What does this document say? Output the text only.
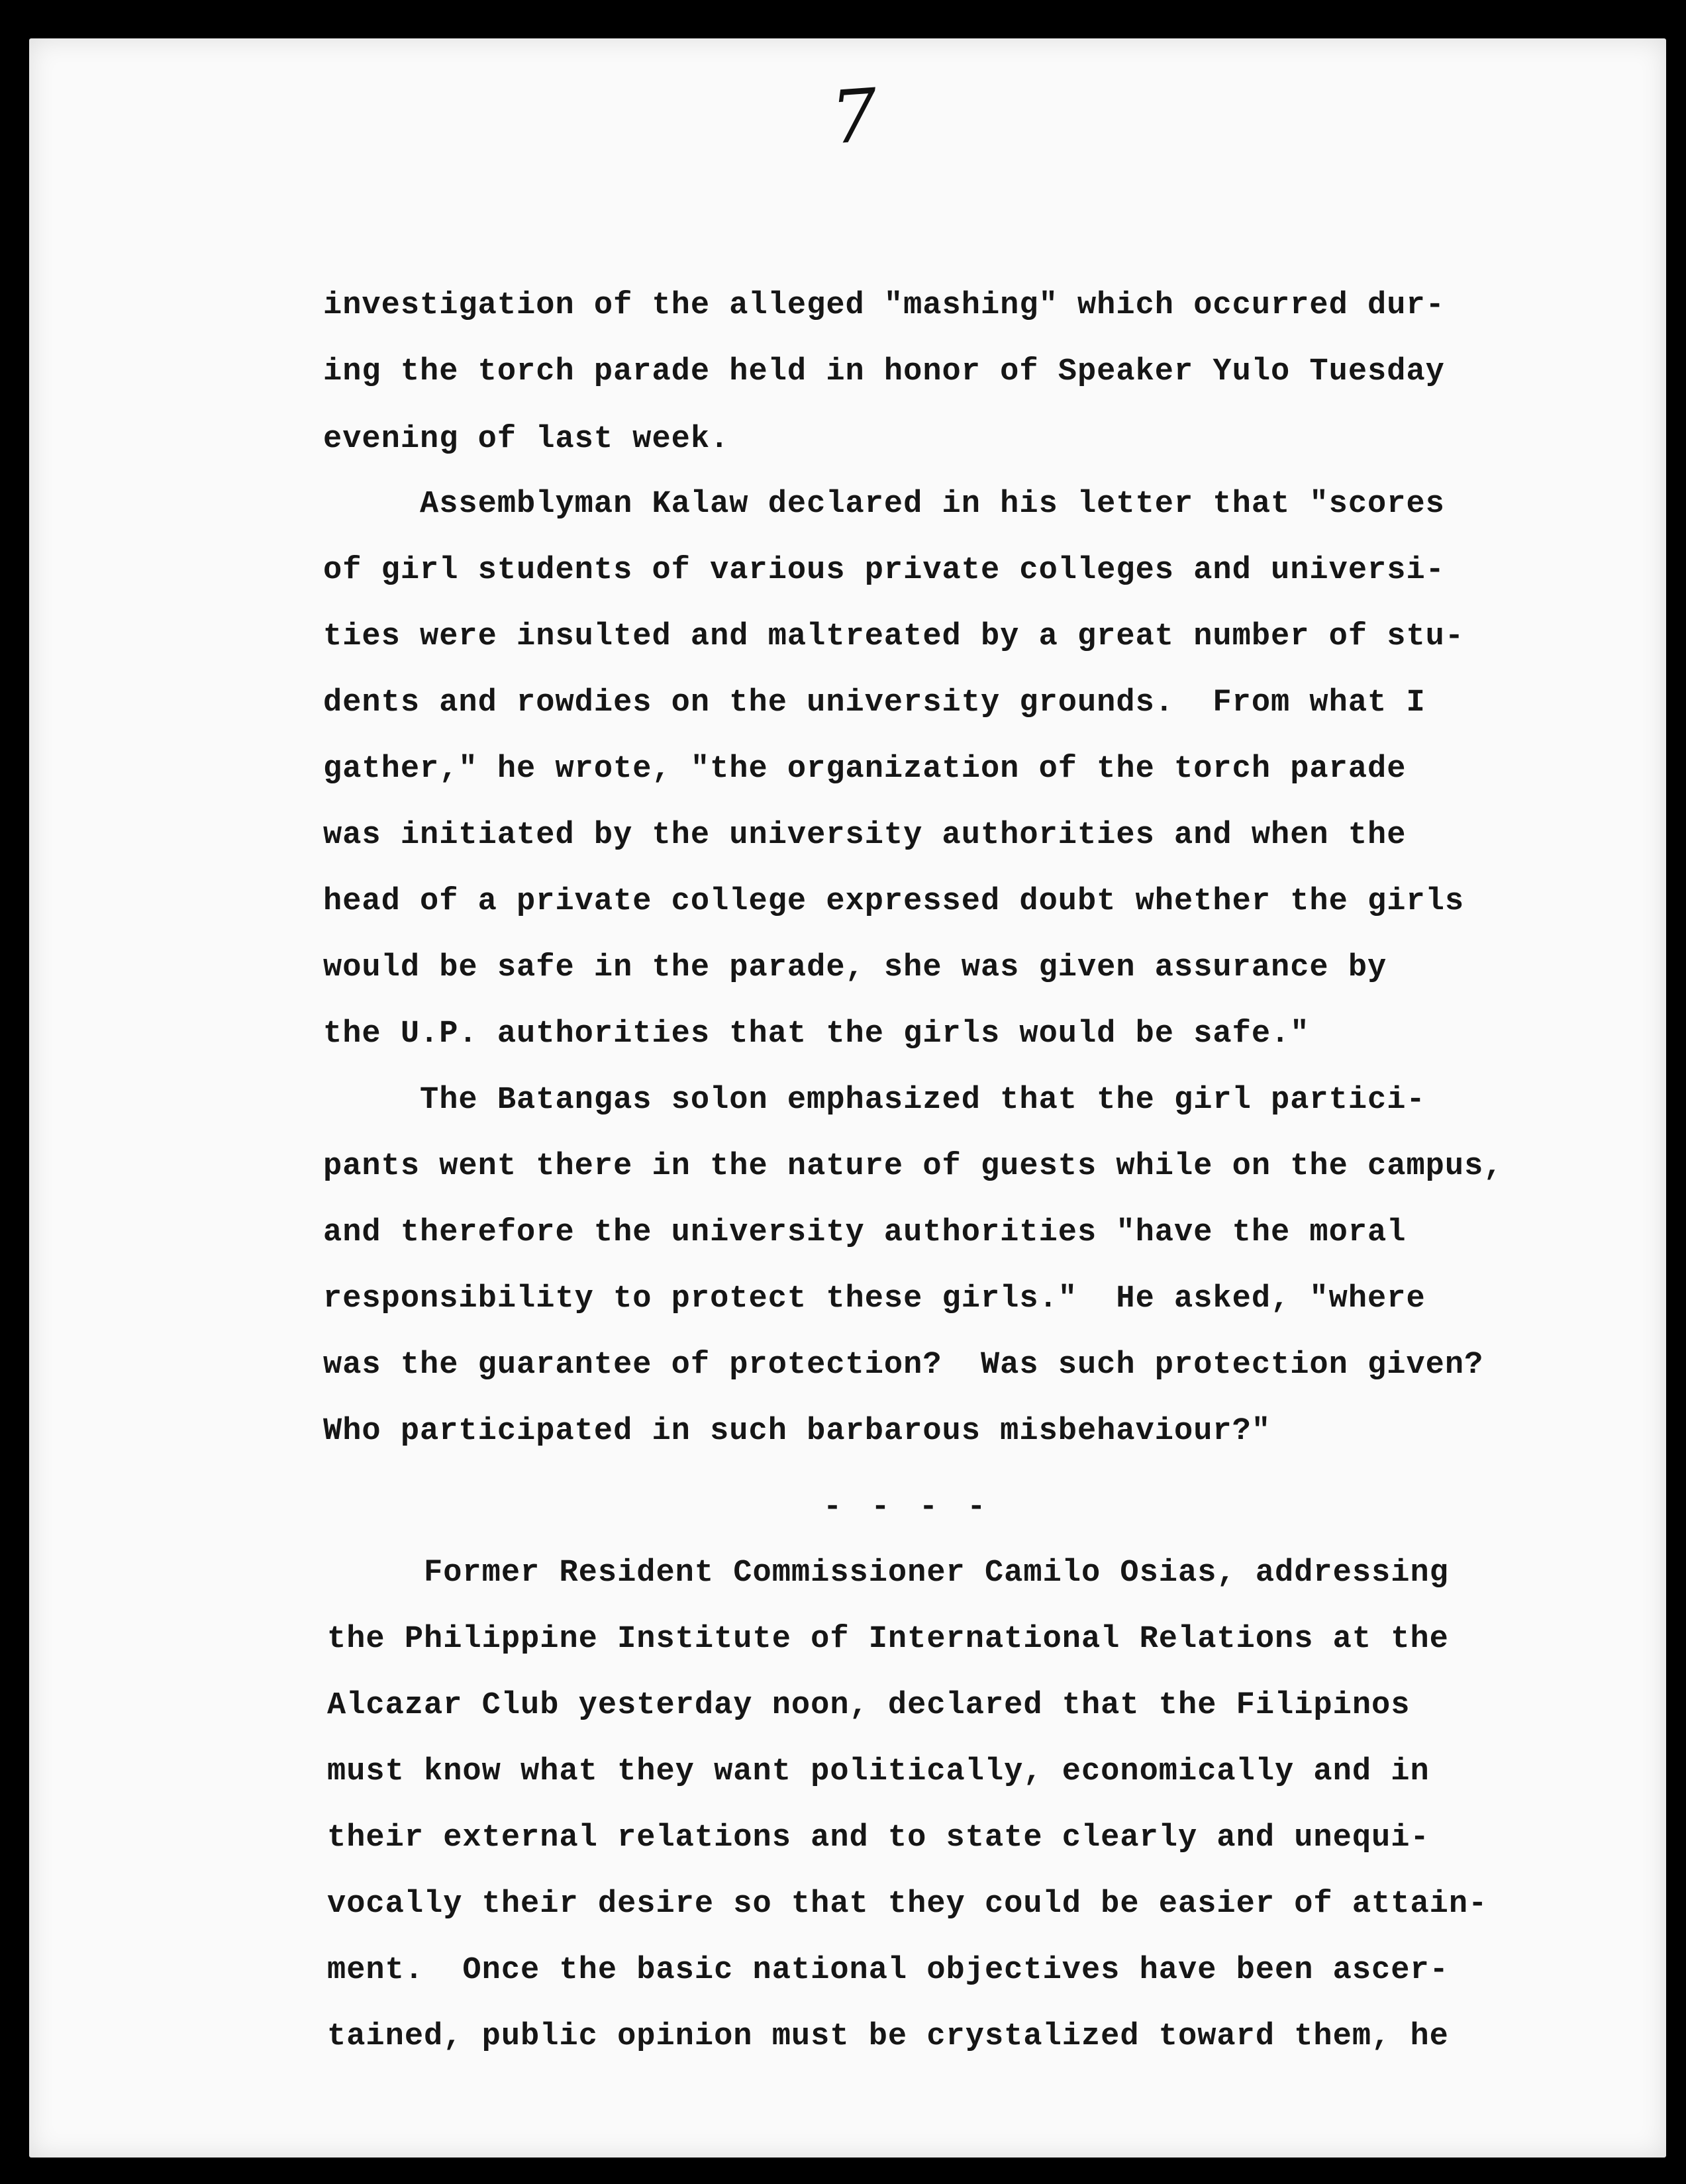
7
investigation of the alleged "mashing" which occurred dur-
ing the torch parade held in honor of Speaker Yulo Tuesday
evening of last week.
Assemblyman Kalaw declared in his letter that "scores
of girl students of various private colleges and universi-
ties were insulted and maltreated by a great number of stu-
dents and rowdies on the university grounds.  From what I
gather," he wrote, "the organization of the torch parade
was initiated by the university authorities and when the
head of a private college expressed doubt whether the girls
would be safe in the parade, she was given assurance by
the U.P. authorities that the girls would be safe."
The Batangas solon emphasized that the girl partici-
pants went there in the nature of guests while on the campus,
and therefore the university authorities "have the moral
responsibility to protect these girls."  He asked, "where
was the guarantee of protection?  Was such protection given?
Who participated in such barbarous misbehaviour?"
- - - -
Former Resident Commissioner Camilo Osias, addressing
the Philippine Institute of International Relations at the
Alcazar Club yesterday noon, declared that the Filipinos
must know what they want politically, economically and in
their external relations and to state clearly and unequi-
vocally their desire so that they could be easier of attain-
ment.  Once the basic national objectives have been ascer-
tained, public opinion must be crystalized toward them, he
